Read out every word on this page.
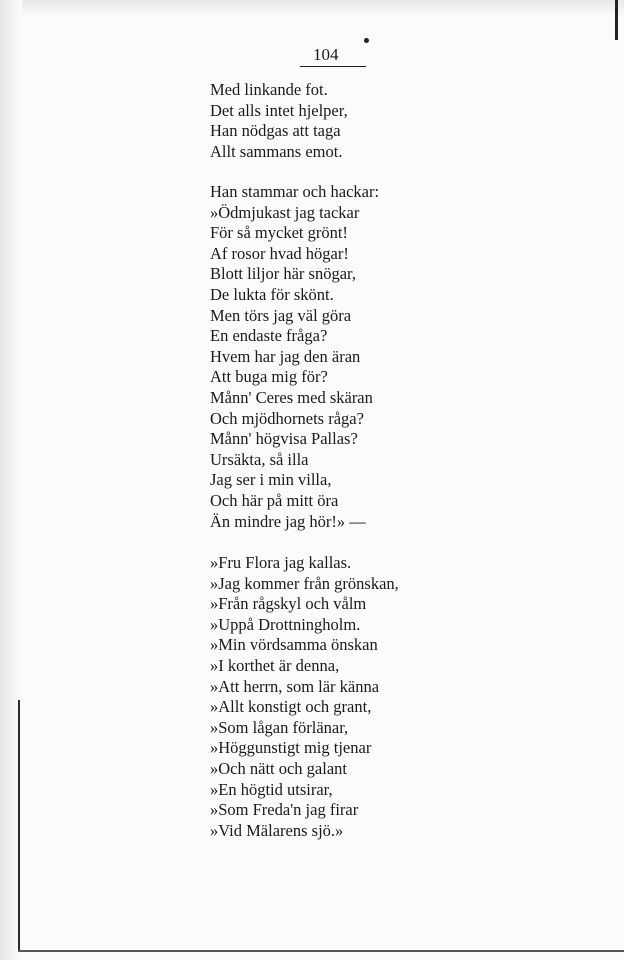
104
Med linkande fot.
Det alls intet hjelper,
Han nödgas att taga
Allt sammans emot.
Han stammar och hackar:
»Ödmjukast jag tackar
För så mycket grönt!
Af rosor hvad högar!
Blott liljor här snögar,
De lukta för skönt.
Men törs jag väl göra
En endaste fråga?
Hvem har jag den äran
Att buga mig för?
Månn' Ceres med skäran
Och mjödhornets råga?
Månn' högvisa Pallas?
Ursäkta, så illa
Jag ser i min villa,
Och här på mitt öra
Än mindre jag hör!» —
»Fru Flora jag kallas.
»Jag kommer från grönskan,
»Från rågskyl och vålm
»Uppå Drottningholm.
»Min vördsamma önskan
»I korthet är denna,
»Att herrn, som lär känna
»Allt konstigt och grant,
»Som lågan förlänar,
»Höggunstigt mig tjenar
»Och nätt och galant
»En högtid utsirar,
»Som Freda'n jag firar
»Vid Mälarens sjö.»
